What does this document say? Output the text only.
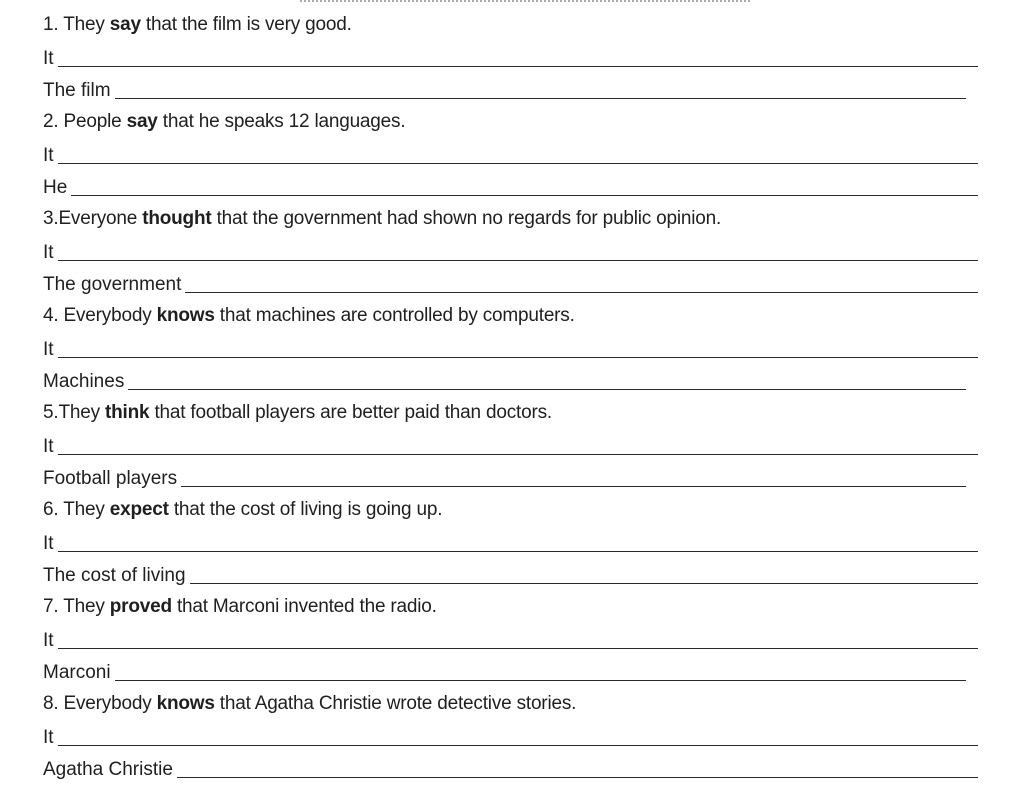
1. They say that the film is very good.
It
The film
2. People say that he speaks 12 languages.
It
He
3.Everyone thought that the government had shown no regards for public opinion.
It
The government
4. Everybody knows that machines are controlled by computers.
It
Machines
5.They think that football players are better paid than doctors.
It
Football players
6. They expect that the cost of living is going up.
It
The cost of living
7. They proved that Marconi invented the radio.
It
Marconi
8. Everybody knows that Agatha Christie wrote detective stories.
It
Agatha Christie
